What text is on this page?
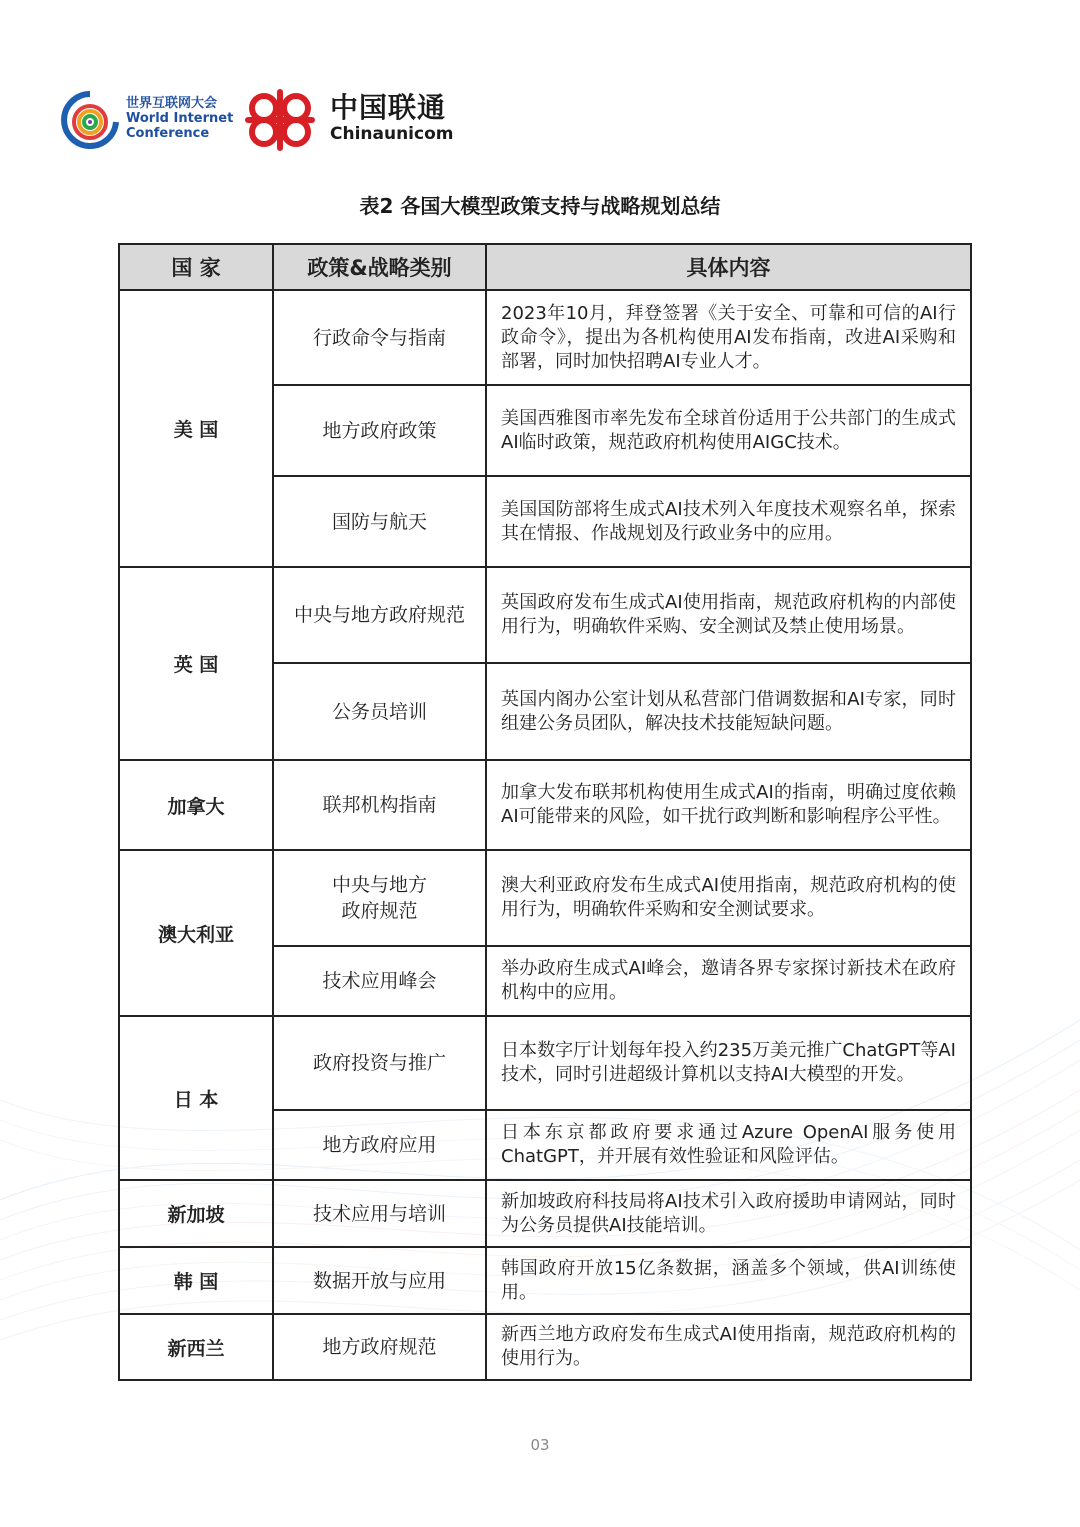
世界互联网大会
World Internet
Conference
中国联通
Chinaunicom
表2 各国大模型政策支持与战略规划总结
国 家	政策&战略类别	具体内容
美 国	行政命令与指南	2023年10月，拜登签署《关于安全、可靠和可信的AI行政命令》，提出为各机构使用AI发布指南，改进AI采购和部署，同时加快招聘AI专业人才。
	地方政府政策	美国西雅图市率先发布全球首份适用于公共部门的生成式AI临时政策，规范政府机构使用AIGC技术。
	国防与航天	美国国防部将生成式AI技术列入年度技术观察名单，探索其在情报、作战规划及行政业务中的应用。
英 国	中央与地方政府规范	英国政府发布生成式AI使用指南，规范政府机构的内部使用行为，明确软件采购、安全测试及禁止使用场景。
	公务员培训	英国内阁办公室计划从私营部门借调数据和AI专家，同时组建公务员团队，解决技术技能短缺问题。
加拿大	联邦机构指南	加拿大发布联邦机构使用生成式AI的指南，明确过度依赖AI可能带来的风险，如干扰行政判断和影响程序公平性。
澳大利亚	中央与地方
政府规范	澳大利亚政府发布生成式AI使用指南，规范政府机构的使用行为，明确软件采购和安全测试要求。
	技术应用峰会	举办政府生成式AI峰会，邀请各界专家探讨新技术在政府机构中的应用。
日 本	政府投资与推广	日本数字厅计划每年投入约235万美元推广ChatGPT等AI技术，同时引进超级计算机以支持AI大模型的开发。
	地方政府应用	日本东京都政府要求通过Azure OpenAI服务使用ChatGPT，并开展有效性验证和风险评估。
新加坡	技术应用与培训	新加坡政府科技局将AI技术引入政府援助申请网站，同时为公务员提供AI技能培训。
韩 国	数据开放与应用	韩国政府开放15亿条数据，涵盖多个领域，供AI训练使用。
新西兰	地方政府规范	新西兰地方政府发布生成式AI使用指南，规范政府机构的使用行为。
03
